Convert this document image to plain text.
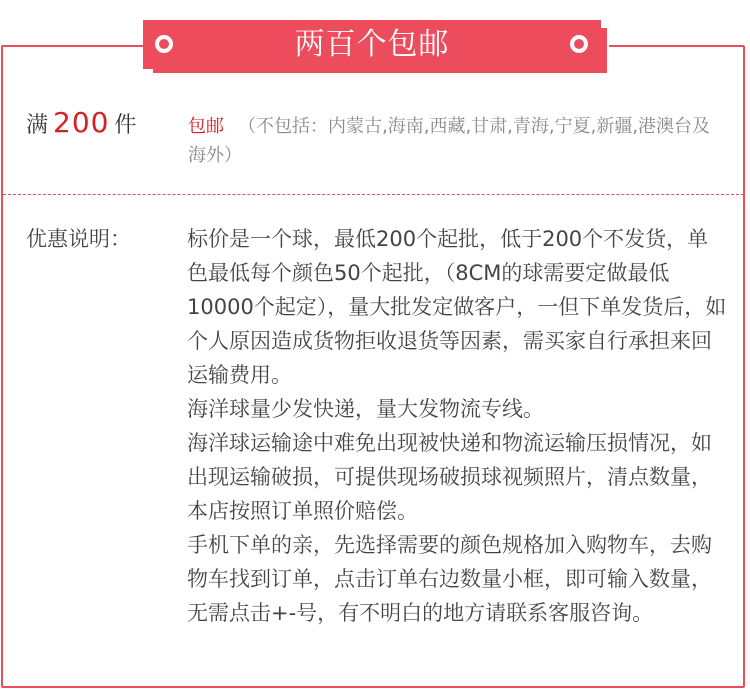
两百个包邮
满 200 件	包邮 （不包括：内蒙古,海南,西藏,甘肃,青海,宁夏,新疆,港澳台及海外）
优惠说明：	标价是一个球，最低200个起批，低于200个不发货，单色最低每个颜色50个起批，（8CM的球需要定做最低10000个起定），量大批发定做客户，一但下单发货后，如个人原因造成货物拒收退货等因素，需买家自行承担来回运输费用。

海洋球量少发快递，量大发物流专线。

海洋球运输途中难免出现被快递和物流运输压损情况，如出现运输破损，可提供现场破损球视频照片，清点数量，本店按照订单照价赔偿。

手机下单的亲，先选择需要的颜色规格加入购物车，去购物车找到订单，点击订单右边数量小框，即可输入数量，无需点击+-号，有不明白的地方请联系客服咨询。
